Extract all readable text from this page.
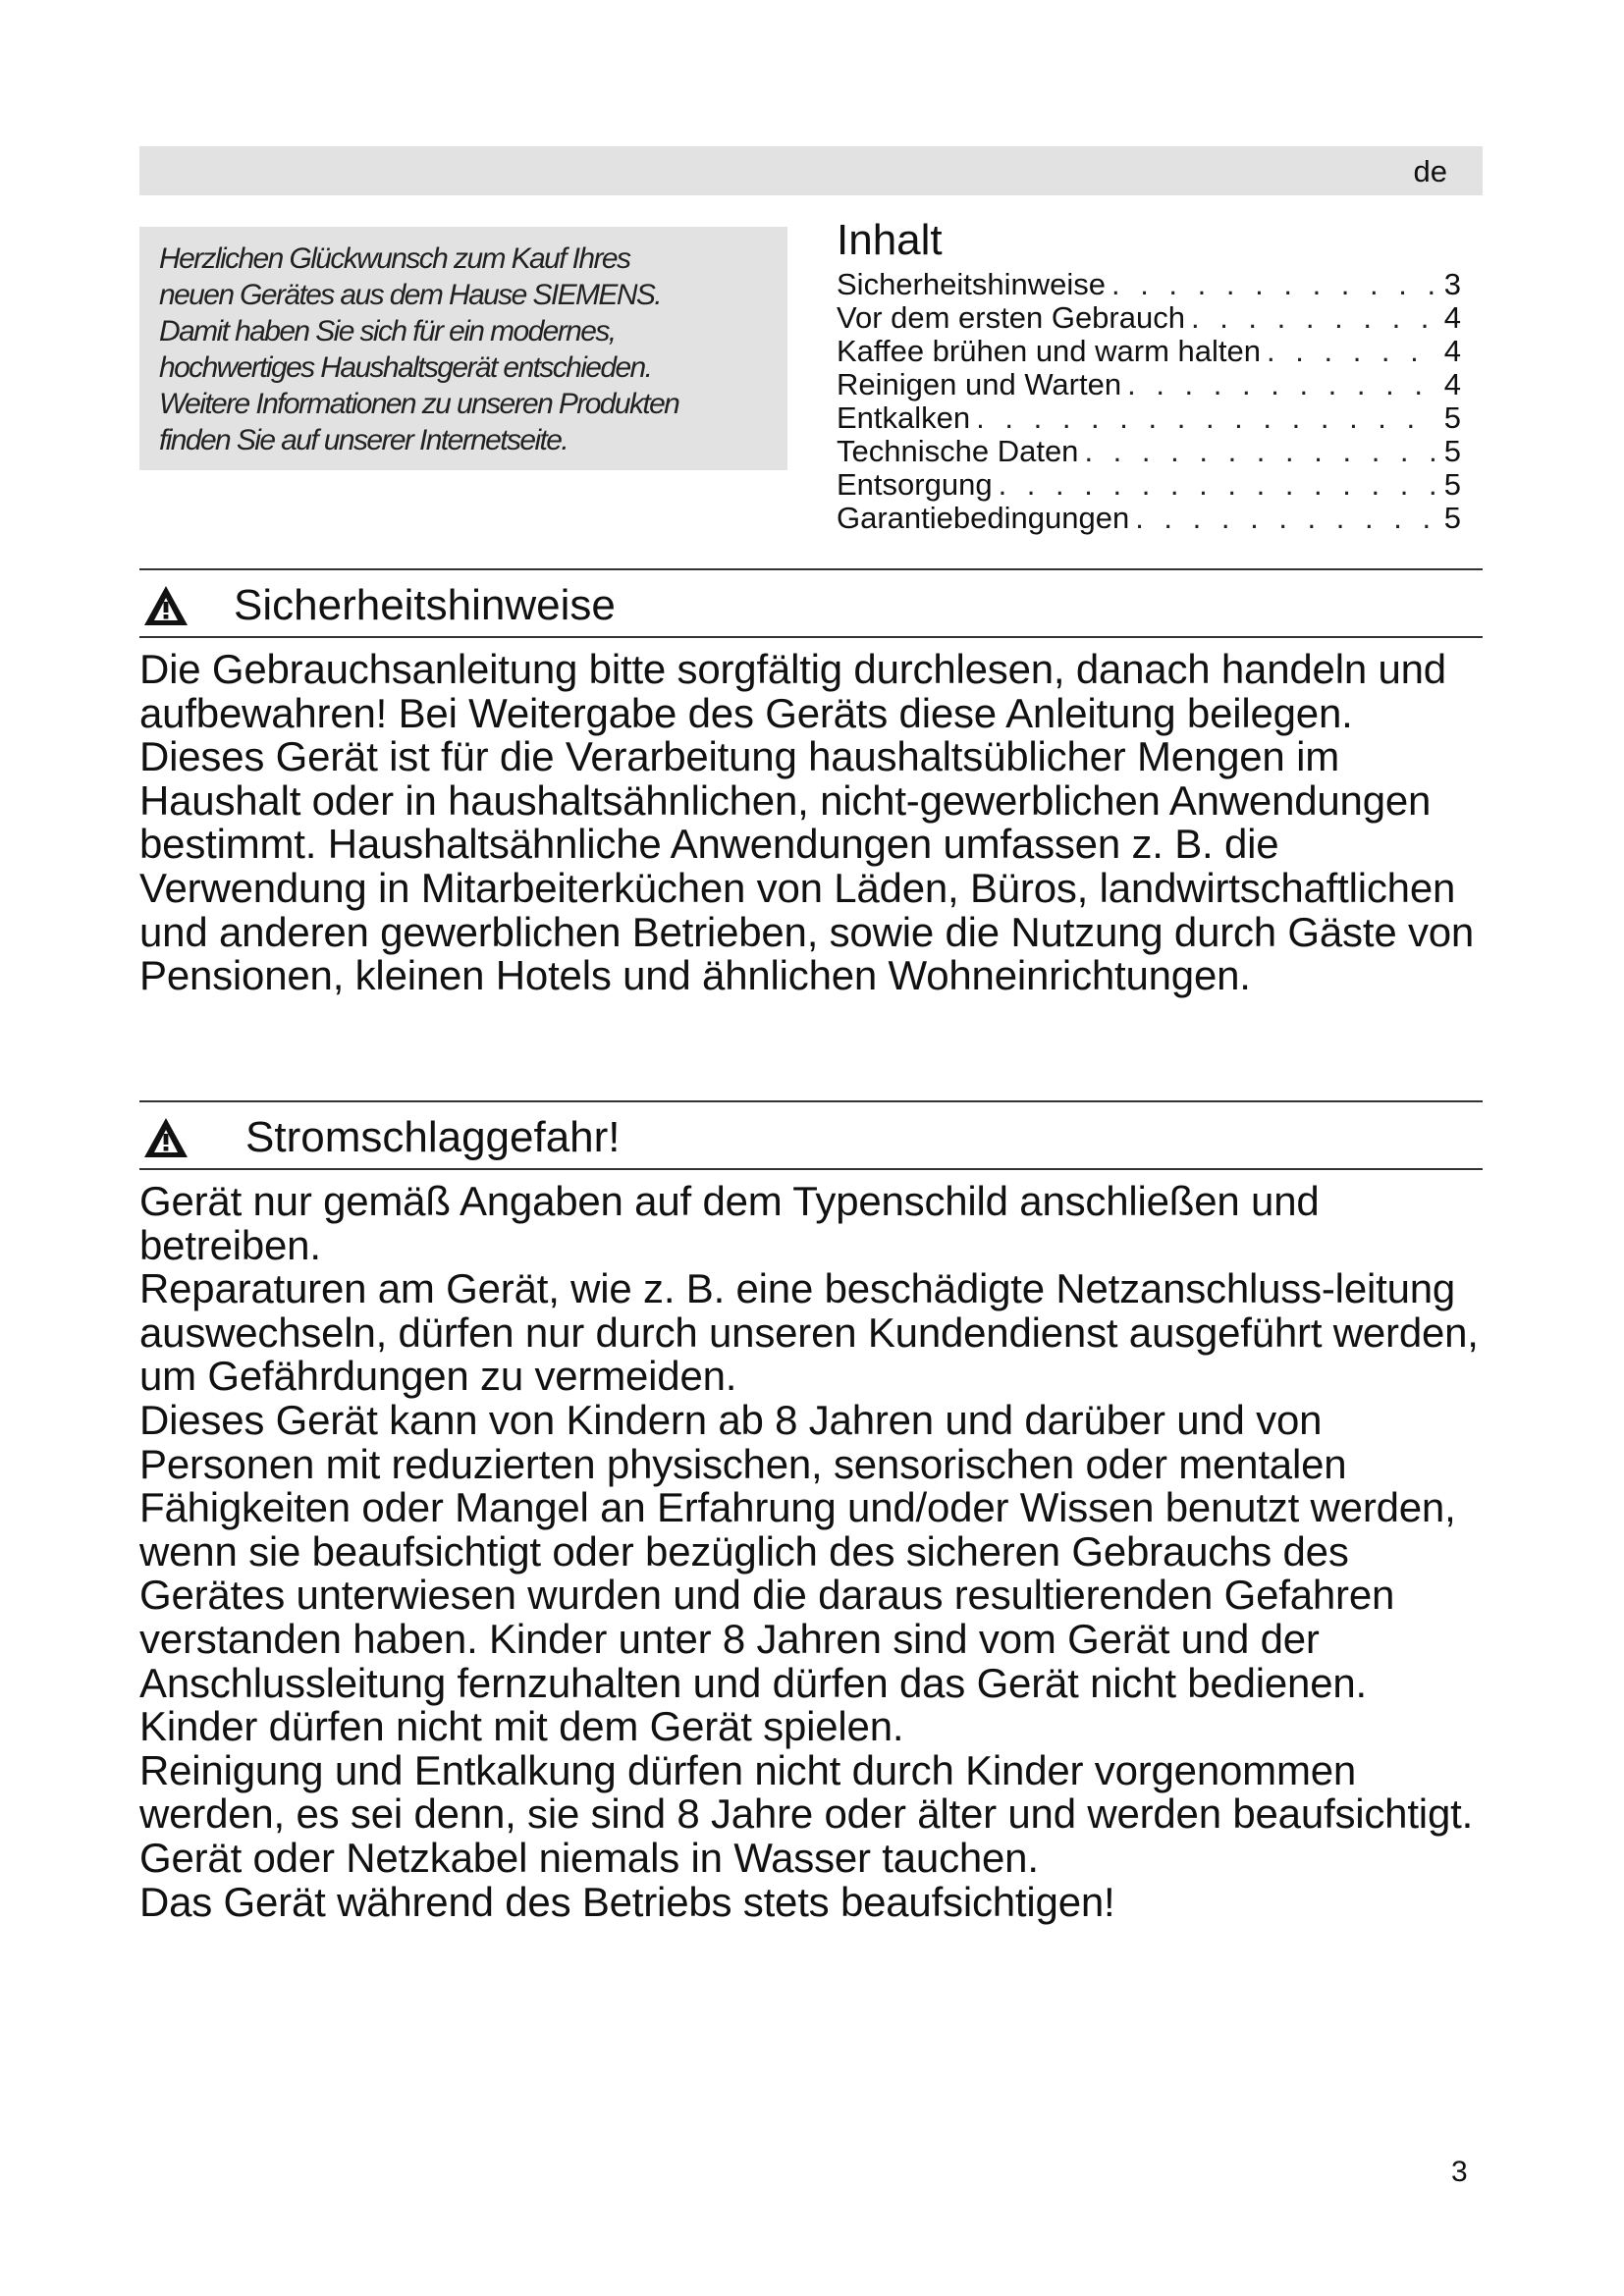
de
Herzlichen Glückwunsch zum Kauf Ihres
neuen Gerätes aus dem Hause SIEMENS.
Damit haben Sie sich für ein modernes,
hochwertiges Haushaltsgerät entschieden.
Weitere Informationen zu unseren Produkten
finden Sie auf unserer Internetseite.
Inhalt
Sicherheitshinweise . . .	3
Vor dem ersten Gebrauch . . .	4
Kaffee brühen und warm halten . . .	4
Reinigen und Warten . . .	4
Entkalken . . .	5
Technische Daten . . .	5
Entsorgung . . .	5
Garantiebedingungen . . .	5
Sicherheitshinweise

Die Gebrauchsanleitung bitte sorgfältig durchlesen, danach handeln und aufbewahren! Bei Weitergabe des Geräts diese Anleitung beilegen.

Dieses Gerät ist für die Verarbeitung haushaltsüblicher Mengen im Haushalt oder in haushaltsähnlichen, nicht-gewerblichen Anwendungen bestimmt. Haushaltsähnliche Anwendungen umfassen z. B. die Verwendung in Mitarbeiterküchen von Läden, Büros, landwirtschaftlichen und anderen gewerblichen Betrieben, sowie die Nutzung durch Gäste von Pensionen, kleinen Hotels und ähnlichen Wohneinrichtungen.

Stromschlaggefahr!

Gerät nur gemäß Angaben auf dem Typenschild anschließen und betreiben.

Reparaturen am Gerät, wie z. B. eine beschädigte Netzanschluss-leitung auswechseln, dürfen nur durch unseren Kundendienst ausgeführt werden, um Gefährdungen zu vermeiden.

Dieses Gerät kann von Kindern ab 8 Jahren und darüber und von Personen mit reduzierten physischen, sensorischen oder mentalen Fähigkeiten oder Mangel an Erfahrung und/oder Wissen benutzt werden, wenn sie beaufsichtigt oder bezüglich des sicheren Gebrauchs des Gerätes unterwiesen wurden und die daraus resultierenden Gefahren verstanden haben. Kinder unter 8 Jahren sind vom Gerät und der Anschlussleitung fernzuhalten und dürfen das Gerät nicht bedienen. Kinder dürfen nicht mit dem Gerät spielen.

Reinigung und Entkalkung dürfen nicht durch Kinder vorgenommen werden, es sei denn, sie sind 8 Jahre oder älter und werden beaufsichtigt.

Gerät oder Netzkabel niemals in Wasser tauchen.

Das Gerät während des Betriebs stets beaufsichtigen!

3
